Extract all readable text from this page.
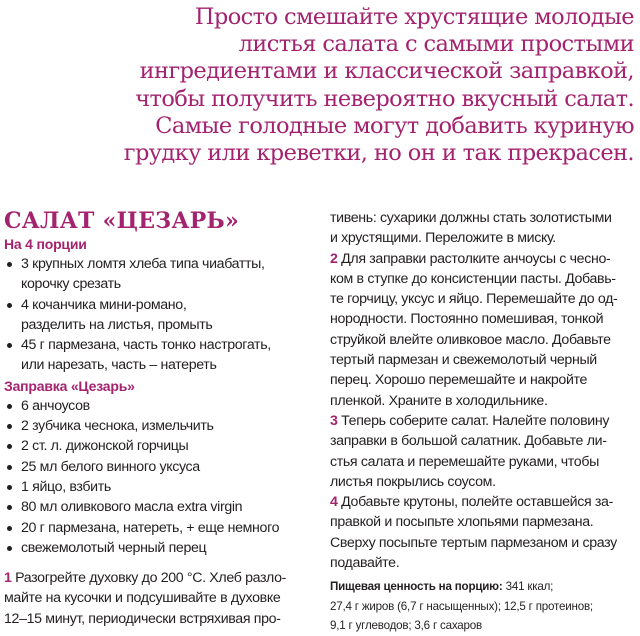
Просто смешайте хрустящие молодые
листья салата с самыми простыми
ингредиентами и классической заправкой,
чтобы получить невероятно вкусный салат.
Самые голодные могут добавить куриную
грудку или креветки, но он и так прекрасен.
САЛАТ «ЦЕЗАРЬ»

На 4 порции

3 крупных ломтя хлеба типа чиабатты,
корочку срезать
4 кочанчика мини-романо,
разделить на листья, промыть
45 г пармезана, часть тонко настрогать,
или нарезать, часть – натереть

Заправка «Цезарь»

6 анчоусов
2 зубчика чеснока, измельчить
2 ст. л. дижонской горчицы
25 мл белого винного уксуса
1 яйцо, взбить
80 мл оливкового масла extra virgin
20 г пармезана, натереть, + еще немного
свежемолотый черный перец
1 Разогрейте духовку до 200 °С. Хлеб разло-
майте на кусочки и подсушивайте в духовке
12–15 минут, периодически встряхивая про-
тивень: сухарики должны стать золотистыми
и хрустящими. Переложите в миску.
2 Для заправки растолките анчоусы с чесно-
ком в ступке до консистенции пасты. Добавь-
те горчицу, уксус и яйцо. Перемешайте до од-
нородности. Постоянно помешивая, тонкой
струйкой влейте оливковое масло. Добавьте
тертый пармезан и свежемолотый черный
перец. Хорошо перемешайте и накройте
пленкой. Храните в холодильнике.
3 Теперь соберите салат. Налейте половину
заправки в большой салатник. Добавьте ли-
стья салата и перемешайте руками, чтобы
листья покрылись соусом.
4 Добавьте крутоны, полейте оставшейся за-
правкой и посыпьте хлопьями пармезана.
Сверху посыпьте тертым пармезаном и сразу
подавайте.
Пищевая ценность на порцию: 341 ккал;
27,4 г жиров (6,7 г насыщенных); 12,5 г протеинов;
9,1 г углеводов; 3,6 г сахаров
